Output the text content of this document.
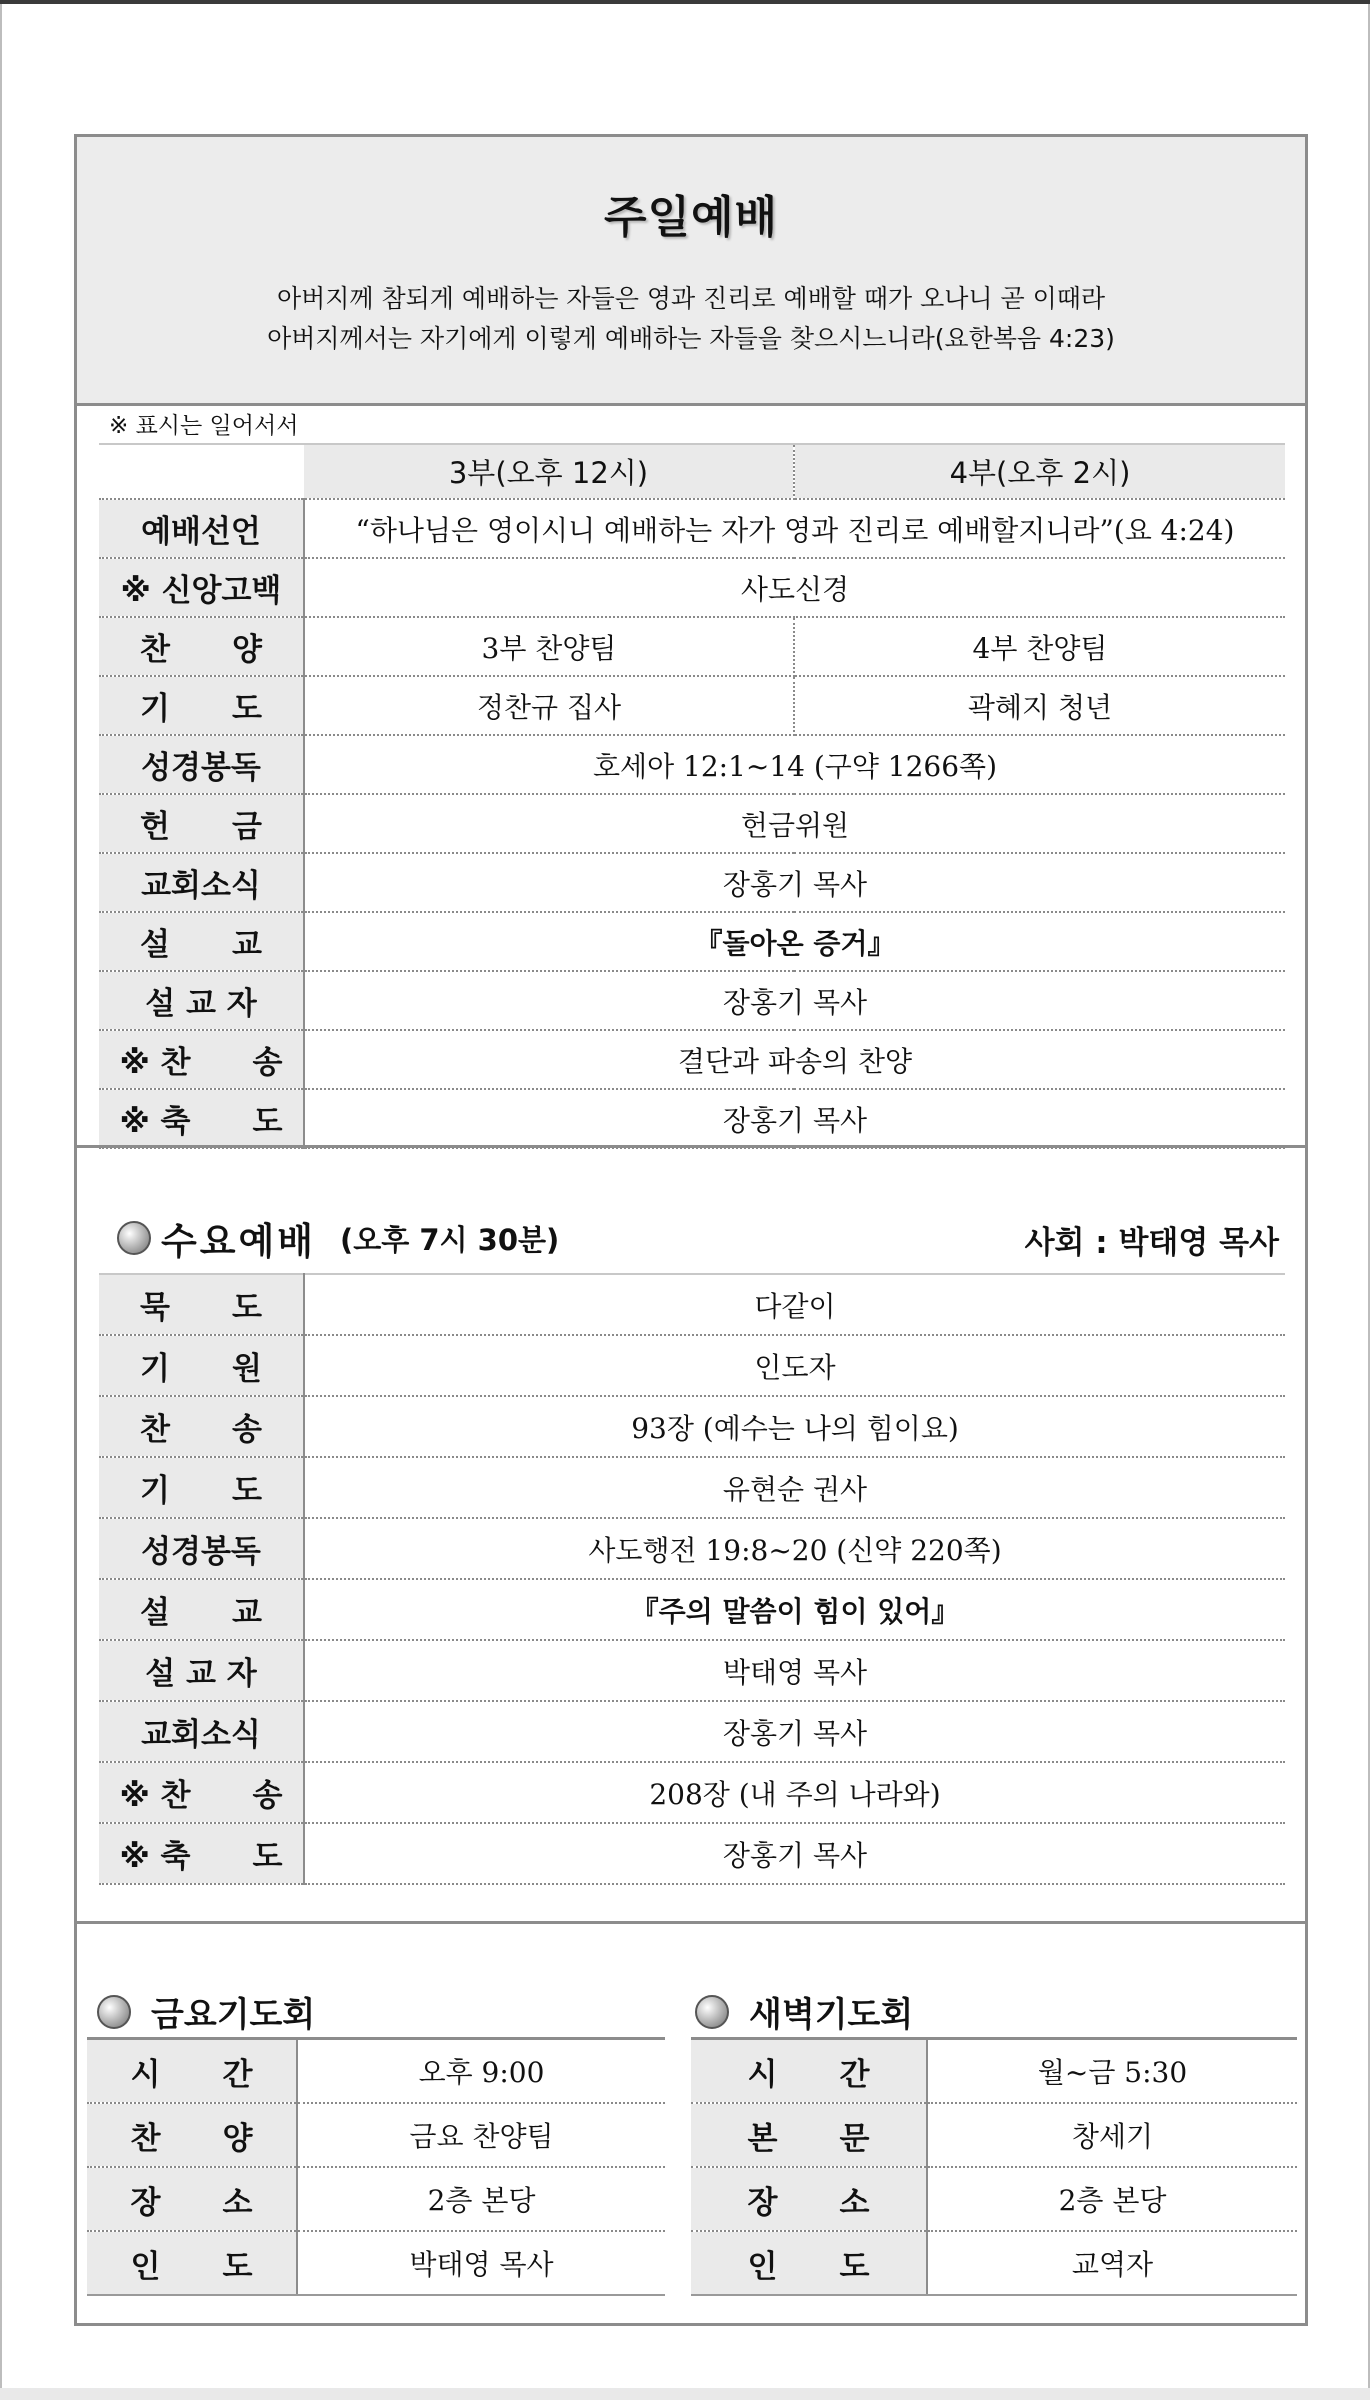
주일예배
아버지께 참되게 예배하는 자들은 영과 진리로 예배할 때가 오나니 곧 이때라
아버지께서는 자기에게 이렇게 예배하는 자들을 찾으시느니라(요한복음 4:23)
※ 표시는 일어서서
	3부(오후 12시)	4부(오후 2시)
예배선언	“하나님은 영이시니 예배하는 자가 영과 진리로 예배할지니라”(요 4:24)	
※ 신앙고백	사도신경	
찬　　양	3부 찬양팀	4부 찬양팀
기　　도	정찬규 집사	곽혜지 청년
성경봉독	호세아 12:1~14 (구약 1266쪽)	
헌　　금	헌금위원	
교회소식	장홍기 목사	
설　　교	『돌아온 증거』	
설 교 자	장홍기 목사	
※ 찬　　송	결단과 파송의 찬양	
※ 축　　도	장홍기 목사	
수요예배 (오후 7시 30분)	사회 : 박태영 목사
묵　　도	다같이
기　　원	인도자
찬　　송	93장 (예수는 나의 힘이요)
기　　도	유현순 권사
성경봉독	사도행전 19:8~20 (신약 220쪽)
설　　교	『주의 말씀이 힘이 있어』
설 교 자	박태영 목사
교회소식	장홍기 목사
※ 찬　　송	208장 (내 주의 나라와)
※ 축　　도	장홍기 목사
금요기도회	새벽기도회
시　　간	오후 9:00
찬　　양	금요 찬양팀
장　　소	2층 본당
인　　도	박태영 목사
시　　간	월~금 5:30
본　　문	창세기
장　　소	2층 본당
인　　도	교역자
